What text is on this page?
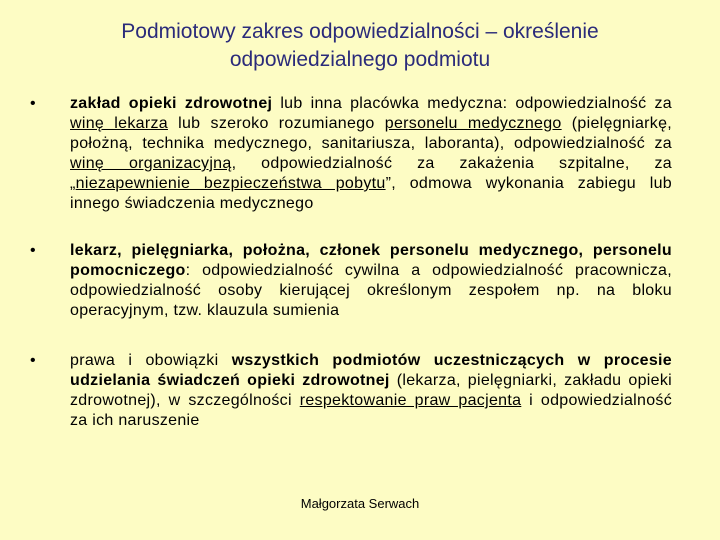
Podmiotowy zakres odpowiedzialności – określenie
odpowiedzialnego podmiotu
•	zakład opieki zdrowotnej lub inna placówka medyczna: odpowiedzialność za winę lekarza lub szeroko rozumianego personelu medycznego (pielęgniarkę, położną, technika medycznego, sanitariusza, laboranta), odpowiedzialność za winę organizacyjną, odpowiedzialność za zakażenia szpitalne, za „niezapewnienie bezpieczeństwa pobytu”, odmowa wykonania zabiegu lub innego świadczenia medycznego
•	lekarz, pielęgniarka, położna, członek personelu medycznego, personelu pomocniczego: odpowiedzialność cywilna a odpowiedzialność pracownicza, odpowiedzialność osoby kierującej określonym zespołem np. na bloku operacyjnym, tzw. klauzula sumienia
•	prawa i obowiązki wszystkich podmiotów uczestniczących w procesie udzielania świadczeń opieki zdrowotnej (lekarza, pielęgniarki, zakładu opieki zdrowotnej), w szczególności respektowanie praw pacjenta i odpowiedzialność za ich naruszenie
Małgorzata Serwach
